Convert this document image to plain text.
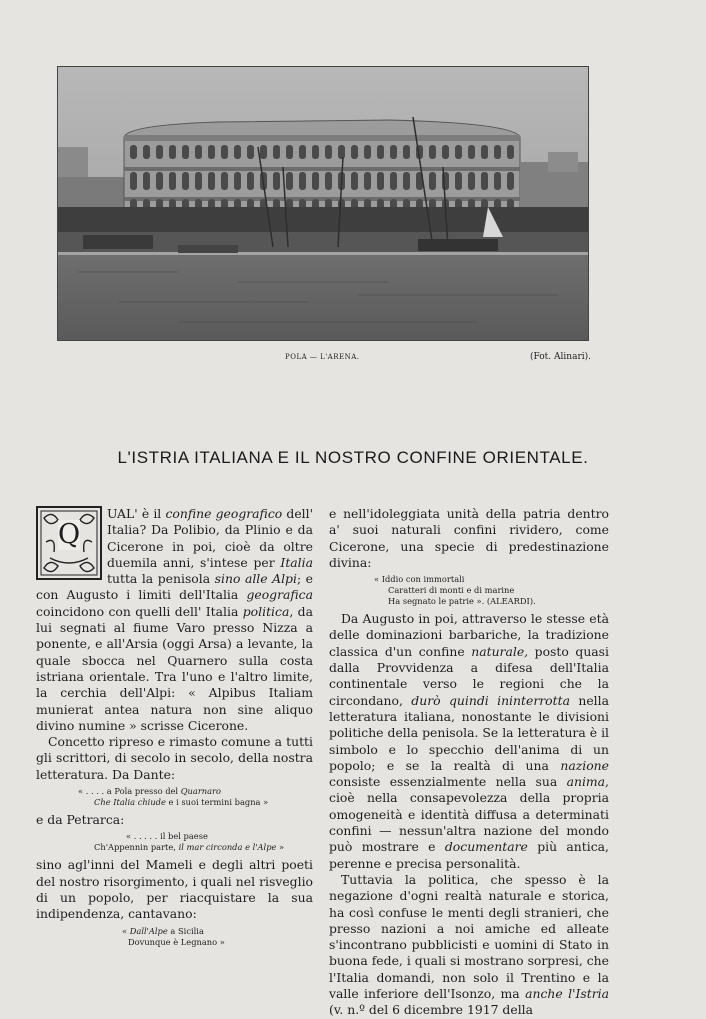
POLA — L'ARENA.	(Fot. Alinari).
L'ISTRIA ITALIANA E IL NOSTRO CONFINE ORIENTALE.
Q

UAL' è il confine geografico dell' Italia? Da Polibio, da Plinio e da Cicerone in poi, cioè da oltre duemila anni, s'intese per Italia tutta la penisola sino alle Alpi; e con Augusto i limiti dell'Italia geografica coincidono con quelli dell' Italia politica, da lui segnati al fiume Varo presso Nizza a ponente, e all'Arsia (oggi Arsa) a levante, la quale sbocca nel Quarnero sulla costa istriana orientale. Tra l'uno e l'altro limite, la cerchia dell'Alpi: « Alpibus Italiam munierat antea natura non sine aliquo divino numine » scrisse Cicerone.

Concetto ripreso e rimasto comune a tutti gli scrittori, di secolo in secolo, della nostra letteratura. Da Dante:

« . . . . a Pola presso del Quarnaro
Che Italia chiude e i suoi termini bagna »

e da Petrarca:

« . . . . . il bel paese
Ch'Appennin parte, il mar circonda e l'Alpe »

sino agl'inni del Mameli e degli altri poeti del nostro risorgimento, i quali nel risveglio di un popolo, per riacquistare la sua indipendenza, cantavano:

« Dall'Alpe a Sicilia
Dovunque è Legnano »

e nell'idoleggiata unità della patria dentro a' suoi naturali confini rividero, come Cicerone, una specie di predestinazione divina:

« Iddio con immortali
Caratteri di monti e di marine
Ha segnato le patrie ». (ALEARDI).

Da Augusto in poi, attraverso le stesse età delle dominazioni barbariche, la tradizione classica d'un confine naturale, posto quasi dalla Provvidenza a difesa dell'Italia continentale verso le regioni che la circondano, durò quindi ininterrotta nella letteratura italiana, nonostante le divisioni politiche della penisola. Se la letteratura è il simbolo e lo specchio dell'anima di un popolo; e se la realtà di una nazione consiste essenzialmente nella sua anima, cioè nella consapevolezza della propria omogeneità e identità diffusa a determinati confini — nessun'altra nazione del mondo può mostrare e documentare più antica, perenne e precisa personalità.

Tuttavia la politica, che spesso è la negazione d'ogni realtà naturale e storica, ha così confuse le menti degli stranieri, che presso nazioni a noi amiche ed alleate s'incontrano pubblicisti e uomini di Stato in buona fede, i quali si mostrano sorpresi, che l'Italia domandi, non solo il Trentino e la valle inferiore dell'Isonzo, ma anche l'Istria (v. n.º del 6 dicembre 1917 della
